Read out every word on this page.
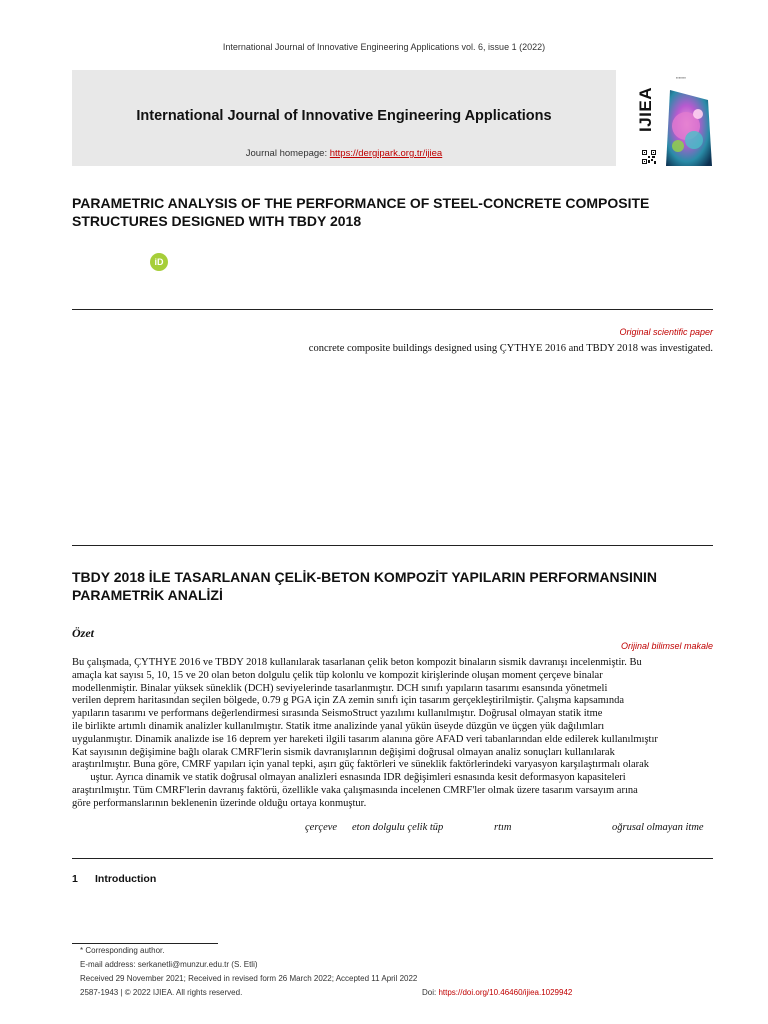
International Journal of Innovative Engineering Applications vol. 6, issue 1 (2022)
International Journal of Innovative Engineering Applications
Journal homepage: https://dergipark.org.tr/ijiea
IJIEA
▪▪▪▪▪▪▪
PARAMETRIC ANALYSIS OF THE PERFORMANCE OF STEEL-CONCRETE COMPOSITE STRUCTURES DESIGNED WITH TBDY 2018
iD
Original scientific paper
concrete composite buildings designed using ÇYTHYE 2016 and TBDY 2018 was investigated.
TBDY 2018 İLE TASARLANAN ÇELİK-BETON KOMPOZİT YAPILARIN PERFORMANSININ PARAMETRİK ANALİZİ
Özet
Orijinal bilimsel makale

Bu çalışmada, ÇYTHYE 2016 ve TBDY 2018 kullanılarak tasarlanan çelik beton kompozit binaların sismik davranışı incelenmiştir. Bu

amaçla kat sayısı 5, 10, 15 ve 20 olan beton dolgulu çelik tüp kolonlu ve kompozit kirişlerinde oluşan moment çerçeve binalar

modellenmiştir. Binalar yüksek süneklik (DCH) seviyelerinde tasarlanmıştır. DCH sınıfı yapıların tasarımı esansında yönetmeli

verilen deprem haritasından seçilen bölgede, 0.79 g PGA için ZA zemin sınıfı için tasarım gerçekleştirilmiştir. Çalışma kapsamında

yapıların tasarımı ve performans değerlendirmesi sırasında SeismoStruct yazılımı kullanılmıştır. Doğrusal olmayan statik itme

ile birlikte artımlı dinamik analizler kullanılmıştır. Statik itme analizinde yanal yükün üseyde düzgün ve üçgen yük dağılımları

uygulanmıştır. Dinamik analizde ise 16 deprem yer hareketi ilgili tasarım alanına göre AFAD veri tabanlarından elde edilerek kullanılmıştır

Kat sayısının değişimine bağlı olarak CMRF'lerin sismik davranışlarının değişimi doğrusal olmayan analiz sonuçları kullanılarak

araştırılmıştır. Buna göre, CMRF yapıları için yanal tepki, aşırı güç faktörleri ve süneklik faktörlerindeki varyasyon karşılaştırmalı olarak

uştur. Ayrıca dinamik ve statik doğrusal olmayan analizleri esnasında IDR değişimleri esnasında kesit deformasyon kapasiteleri

araştırılmıştır. Tüm CMRF'lerin davranış faktörü, özellikle vaka çalışmasında incelenen CMRF'ler olmak üzere tasarım varsayım arına

göre performanslarının beklenenin üzerinde olduğu ortaya konmuştur.

çerçeve eton dolgulu çelik tüp	rtım	oğrusal olmayan itme
1 Introduction
* Corresponding author.
E-mail address: serkanetli@munzur.edu.tr (S. Etli)
Received 29 November 2021; Received in revised form 26 March 2022; Accepted 11 April 2022
2587-1943 | © 2022 IJIEA. All rights reserved.	Doi: https://doi.org/10.46460/ijiea.1029942
